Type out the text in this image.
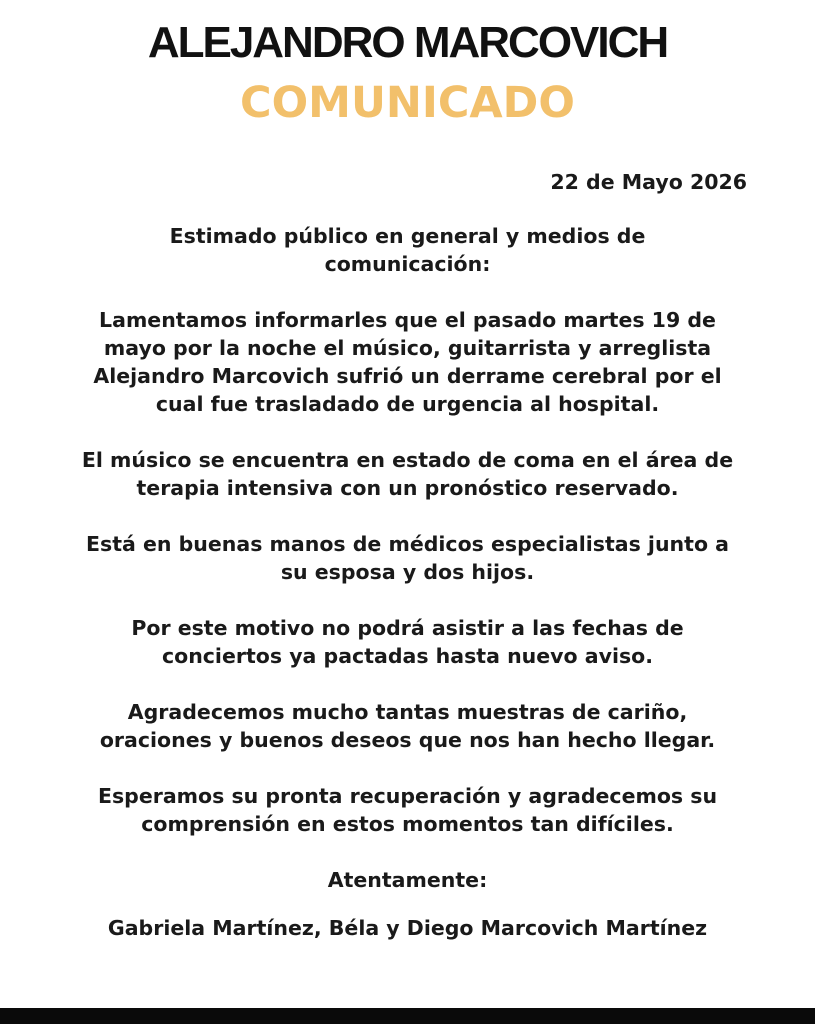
ALEJANDRO MARCOVICH
COMUNICADO
22 de Mayo 2026

Estimado público en general y medios de
comunicación:

Lamentamos informarles que el pasado martes 19 de
mayo por la noche el músico, guitarrista y arreglista
Alejandro Marcovich sufrió un derrame cerebral por el
cual fue trasladado de urgencia al hospital.

El músico se encuentra en estado de coma en el área de
terapia intensiva con un pronóstico reservado.

Está en buenas manos de médicos especialistas junto a
su esposa y dos hijos.

Por este motivo no podrá asistir a las fechas de
conciertos ya pactadas hasta nuevo aviso.

Agradecemos mucho tantas muestras de cariño,
oraciones y buenos deseos que nos han hecho llegar.

Esperamos su pronta recuperación y agradecemos su
comprensión en estos momentos tan difíciles.

Atentamente:

Gabriela Martínez, Béla y Diego Marcovich Martínez
